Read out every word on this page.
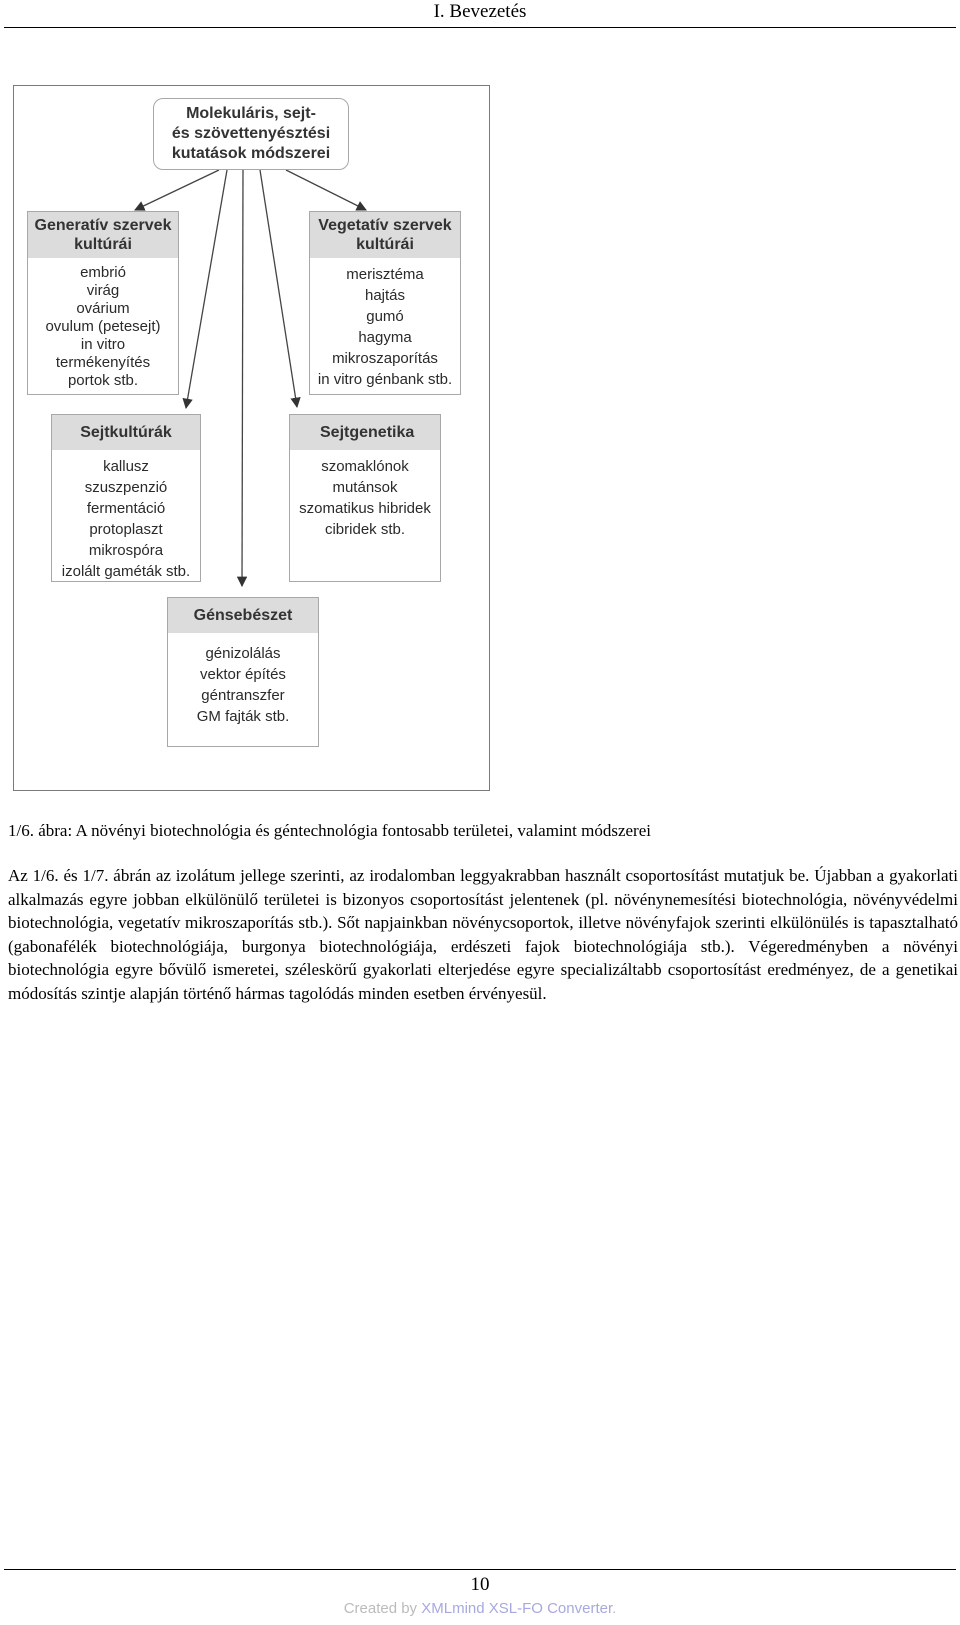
I. Bevezetés
Molekuláris, sejt-
és szövettenyésztési
kutatások módszerei
Generatív szervek
kultúrái
embrió
virág
ovárium
ovulum (petesejt)
in vitro
termékenyítés
portok stb.
Vegetatív szervek
kultúrái
merisztéma
hajtás
gumó
hagyma
mikroszaporítás
in vitro génbank stb.
Sejtkultúrák
kallusz
szuszpenzió
fermentáció
protoplaszt
mikrospóra
izolált gaméták stb.
Sejtgenetika
szomaklónok
mutánsok
szomatikus hibridek
cibridek stb.
Génsebészet
génizolálás
vektor építés
géntranszfer
GM fajták stb.
1/6. ábra: A növényi biotechnológia és géntechnológia fontosabb területei, valamint módszerei
Az 1/6. és 1/7. ábrán az izolátum jellege szerinti, az irodalomban leggyakrabban használt csoportosítást mutatjuk be. Újabban a gyakorlati alkalmazás egyre jobban elkülönülő területei is bizonyos csoportosítást jelentenek (pl. növénynemesítési biotechnológia, növényvédelmi biotechnológia, vegetatív mikroszaporítás stb.). Sőt napjainkban növénycsoportok, illetve növényfajok szerinti elkülönülés is tapasztalható (gabonafélék biotechnológiája, burgonya biotechnológiája, erdészeti fajok biotechnológiája stb.). Végeredményben a növényi biotechnológia egyre bővülő ismeretei, széleskörű gyakorlati elterjedése egyre specializáltabb csoportosítást eredményez, de a genetikai módosítás szintje alapján történő hármas tagolódás minden esetben érvényesül.
10
Created by XMLmind XSL-FO Converter.
